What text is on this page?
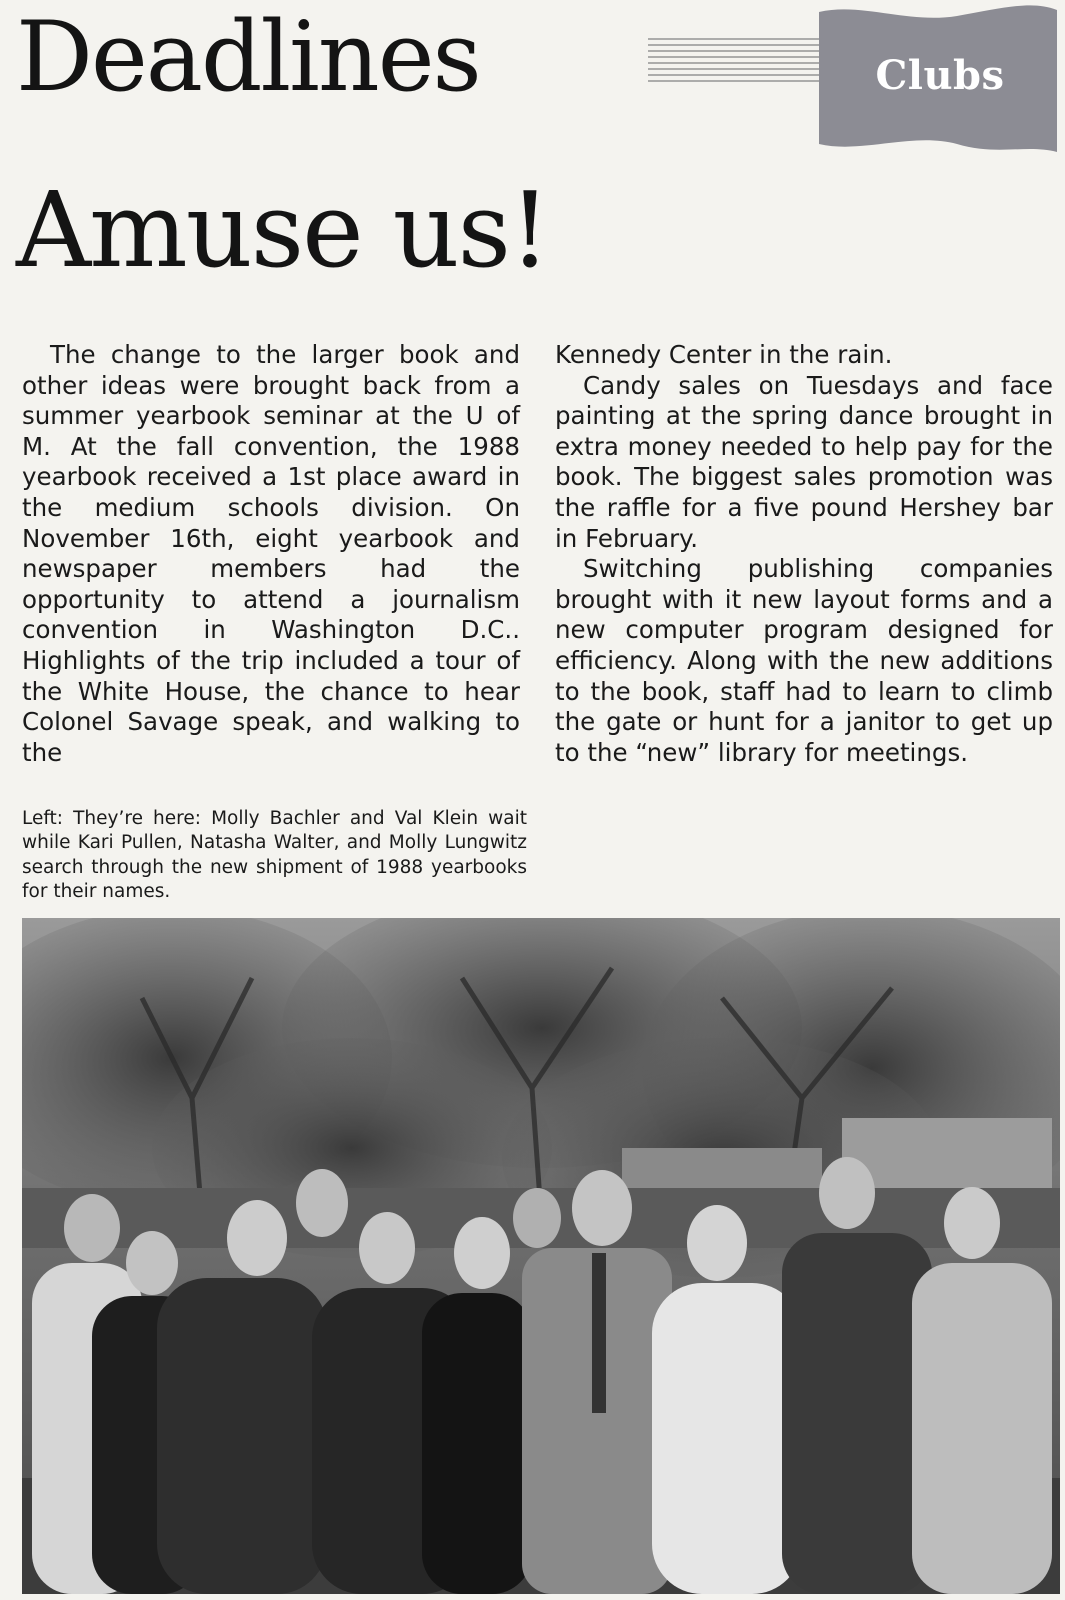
Deadlines
Amuse us!
Clubs

The change to the larger book and other ideas were brought back from a summer yearbook seminar at the U of M. At the fall convention, the 1988 yearbook received a 1st place award in the medium schools division. On November 16th, eight yearbook and newspaper members had the opportunity to attend a journalism convention in Washington D.C.. Highlights of the trip included a tour of the White House, the chance to hear Colonel Savage speak, and walking to the

Kennedy Center in the rain.

Candy sales on Tuesdays and face painting at the spring dance brought in extra money needed to help pay for the book. The biggest sales promotion was the raffle for a five pound Hershey bar in February.

Switching publishing companies brought with it new layout forms and a new computer program designed for efficiency. Along with the new additions to the book, staff had to learn to climb the gate or hunt for a janitor to get up to the “new” library for meetings.

Left: They’re here: Molly Bachler and Val Klein wait while Kari Pullen, Natasha Walter, and Molly Lungwitz search through the new shipment of 1988 yearbooks for their names.
